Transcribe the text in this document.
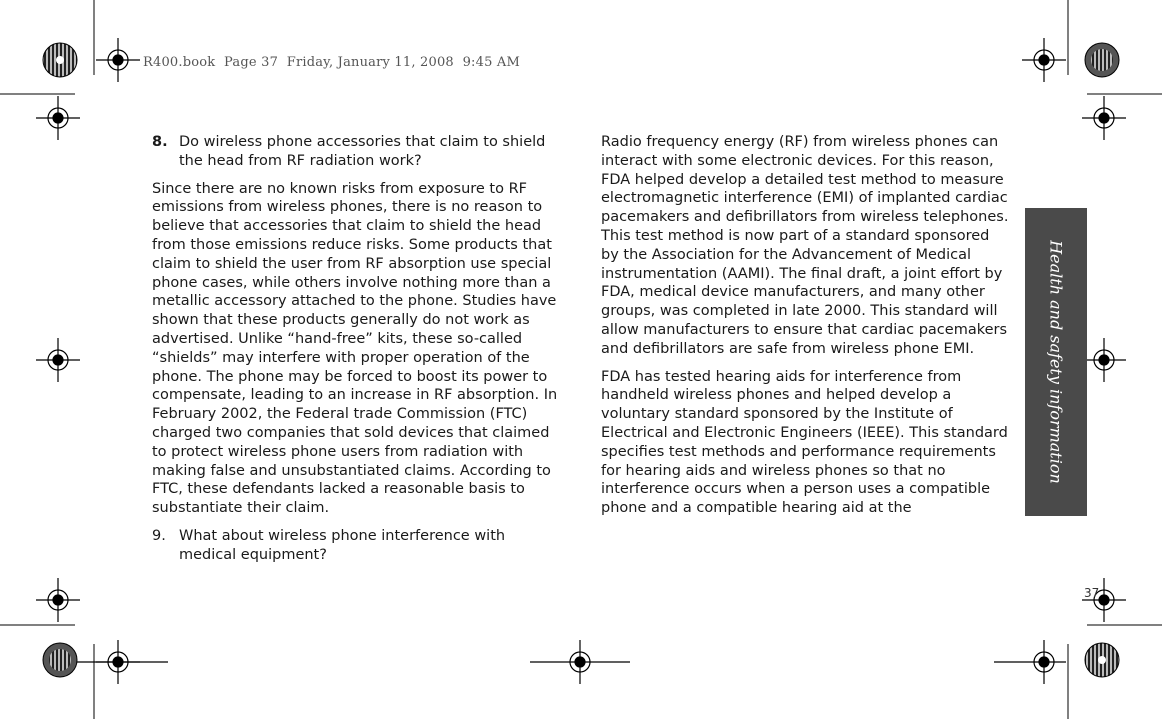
R400.book  Page 37  Friday, January 11, 2008  9:45 AM
8. Do wireless phone accessories that claim to shield the head from RF radiation work?

Since there are no known risks from exposure to RF emissions from wireless phones, there is no reason to believe that accessories that claim to shield the head from those emissions reduce risks. Some products that claim to shield the user from RF absorption use special phone cases, while others involve nothing more than a metallic accessory attached to the phone. Studies have shown that these products generally do not work as advertised. Unlike “hand-free” kits, these so-called “shields” may interfere with proper operation of the phone. The phone may be forced to boost its power to compensate, leading to an increase in RF absorption. In February 2002, the Federal trade Commission (FTC) charged two companies that sold devices that claimed to protect wireless phone users from radiation with making false and unsubstantiated claims. According to FTC, these defendants lacked a reasonable basis to substantiate their claim.

9. What about wireless phone interference with medical equipment?

Radio frequency energy (RF) from wireless phones can interact with some electronic devices. For this reason, FDA helped develop a detailed test method to measure electromagnetic interference (EMI) of implanted cardiac pacemakers and defibrillators from wireless telephones. This test method is now part of a standard sponsored by the Association for the Advancement of Medical instrumentation (AAMI). The final draft, a joint effort by FDA, medical device manufacturers, and many other groups, was completed in late 2000. This standard will allow manufacturers to ensure that cardiac pacemakers and defibrillators are safe from wireless phone EMI.

FDA has tested hearing aids for interference from handheld wireless phones and helped develop a voluntary standard sponsored by the Institute of Electrical and Electronic Engineers (IEEE). This standard specifies test methods and performance requirements for hearing aids and wireless phones so that no interference occurs when a person uses a compatible phone and a compatible hearing aid at the

Health and safety information
37
